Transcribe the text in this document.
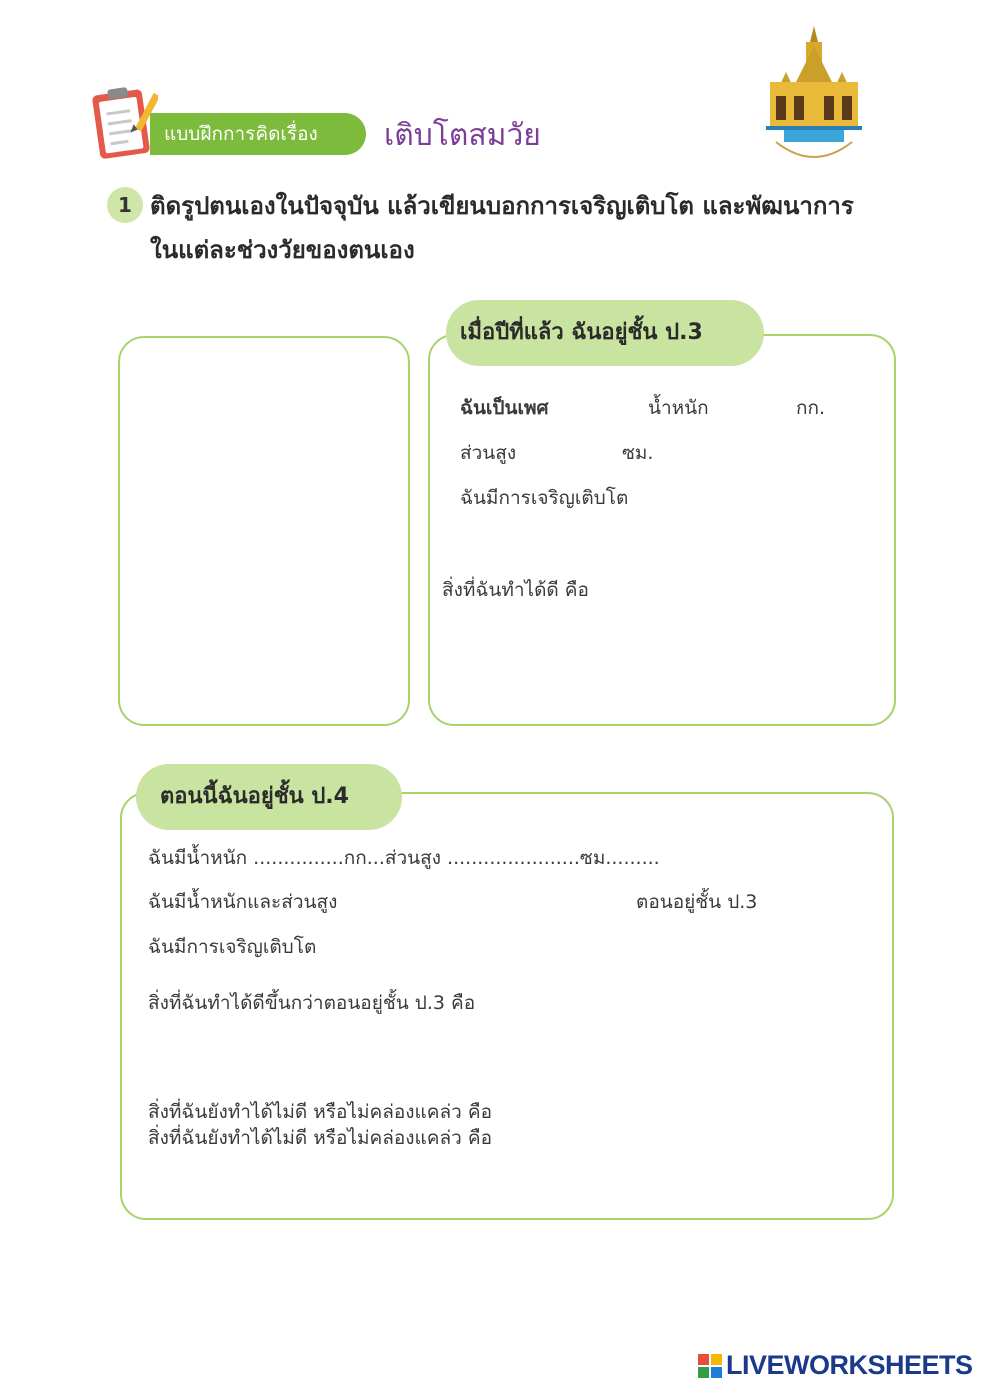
แบบฝึกการคิดเรื่อง	เติบโตสมวัย
1 ติดรูปตนเองในปัจจุบัน แล้วเขียนบอกการเจริญเติบโต และพัฒนาการ
ในแต่ละช่วงวัยของตนเอง
เมื่อปีที่แล้ว ฉันอยู่ชั้น ป.3
ฉันเป็นเพศ	น้ำหนัก	กก.
ส่วนสูง	ซม.
ฉันมีการเจริญเติบโต
สิ่งที่ฉันทำได้ดี คือ
ตอนนี้ฉันอยู่ชั้น ป.4
ฉันมีน้ำหนัก ...............กก...ส่วนสูง ......................ซม.........
ฉันมีน้ำหนักและส่วนสูง	ตอนอยู่ชั้น ป.3
ฉันมีการเจริญเติบโต
สิ่งที่ฉันทำได้ดีขึ้นกว่าตอนอยู่ชั้น ป.3 คือ
สิ่งที่ฉันยังทำได้ไม่ดี หรือไม่คล่องแคล่ว คือ
สิ่งที่ฉันยังทำได้ไม่ดี หรือไม่คล่องแคล่ว คือ
LIVEWORKSHEETS
